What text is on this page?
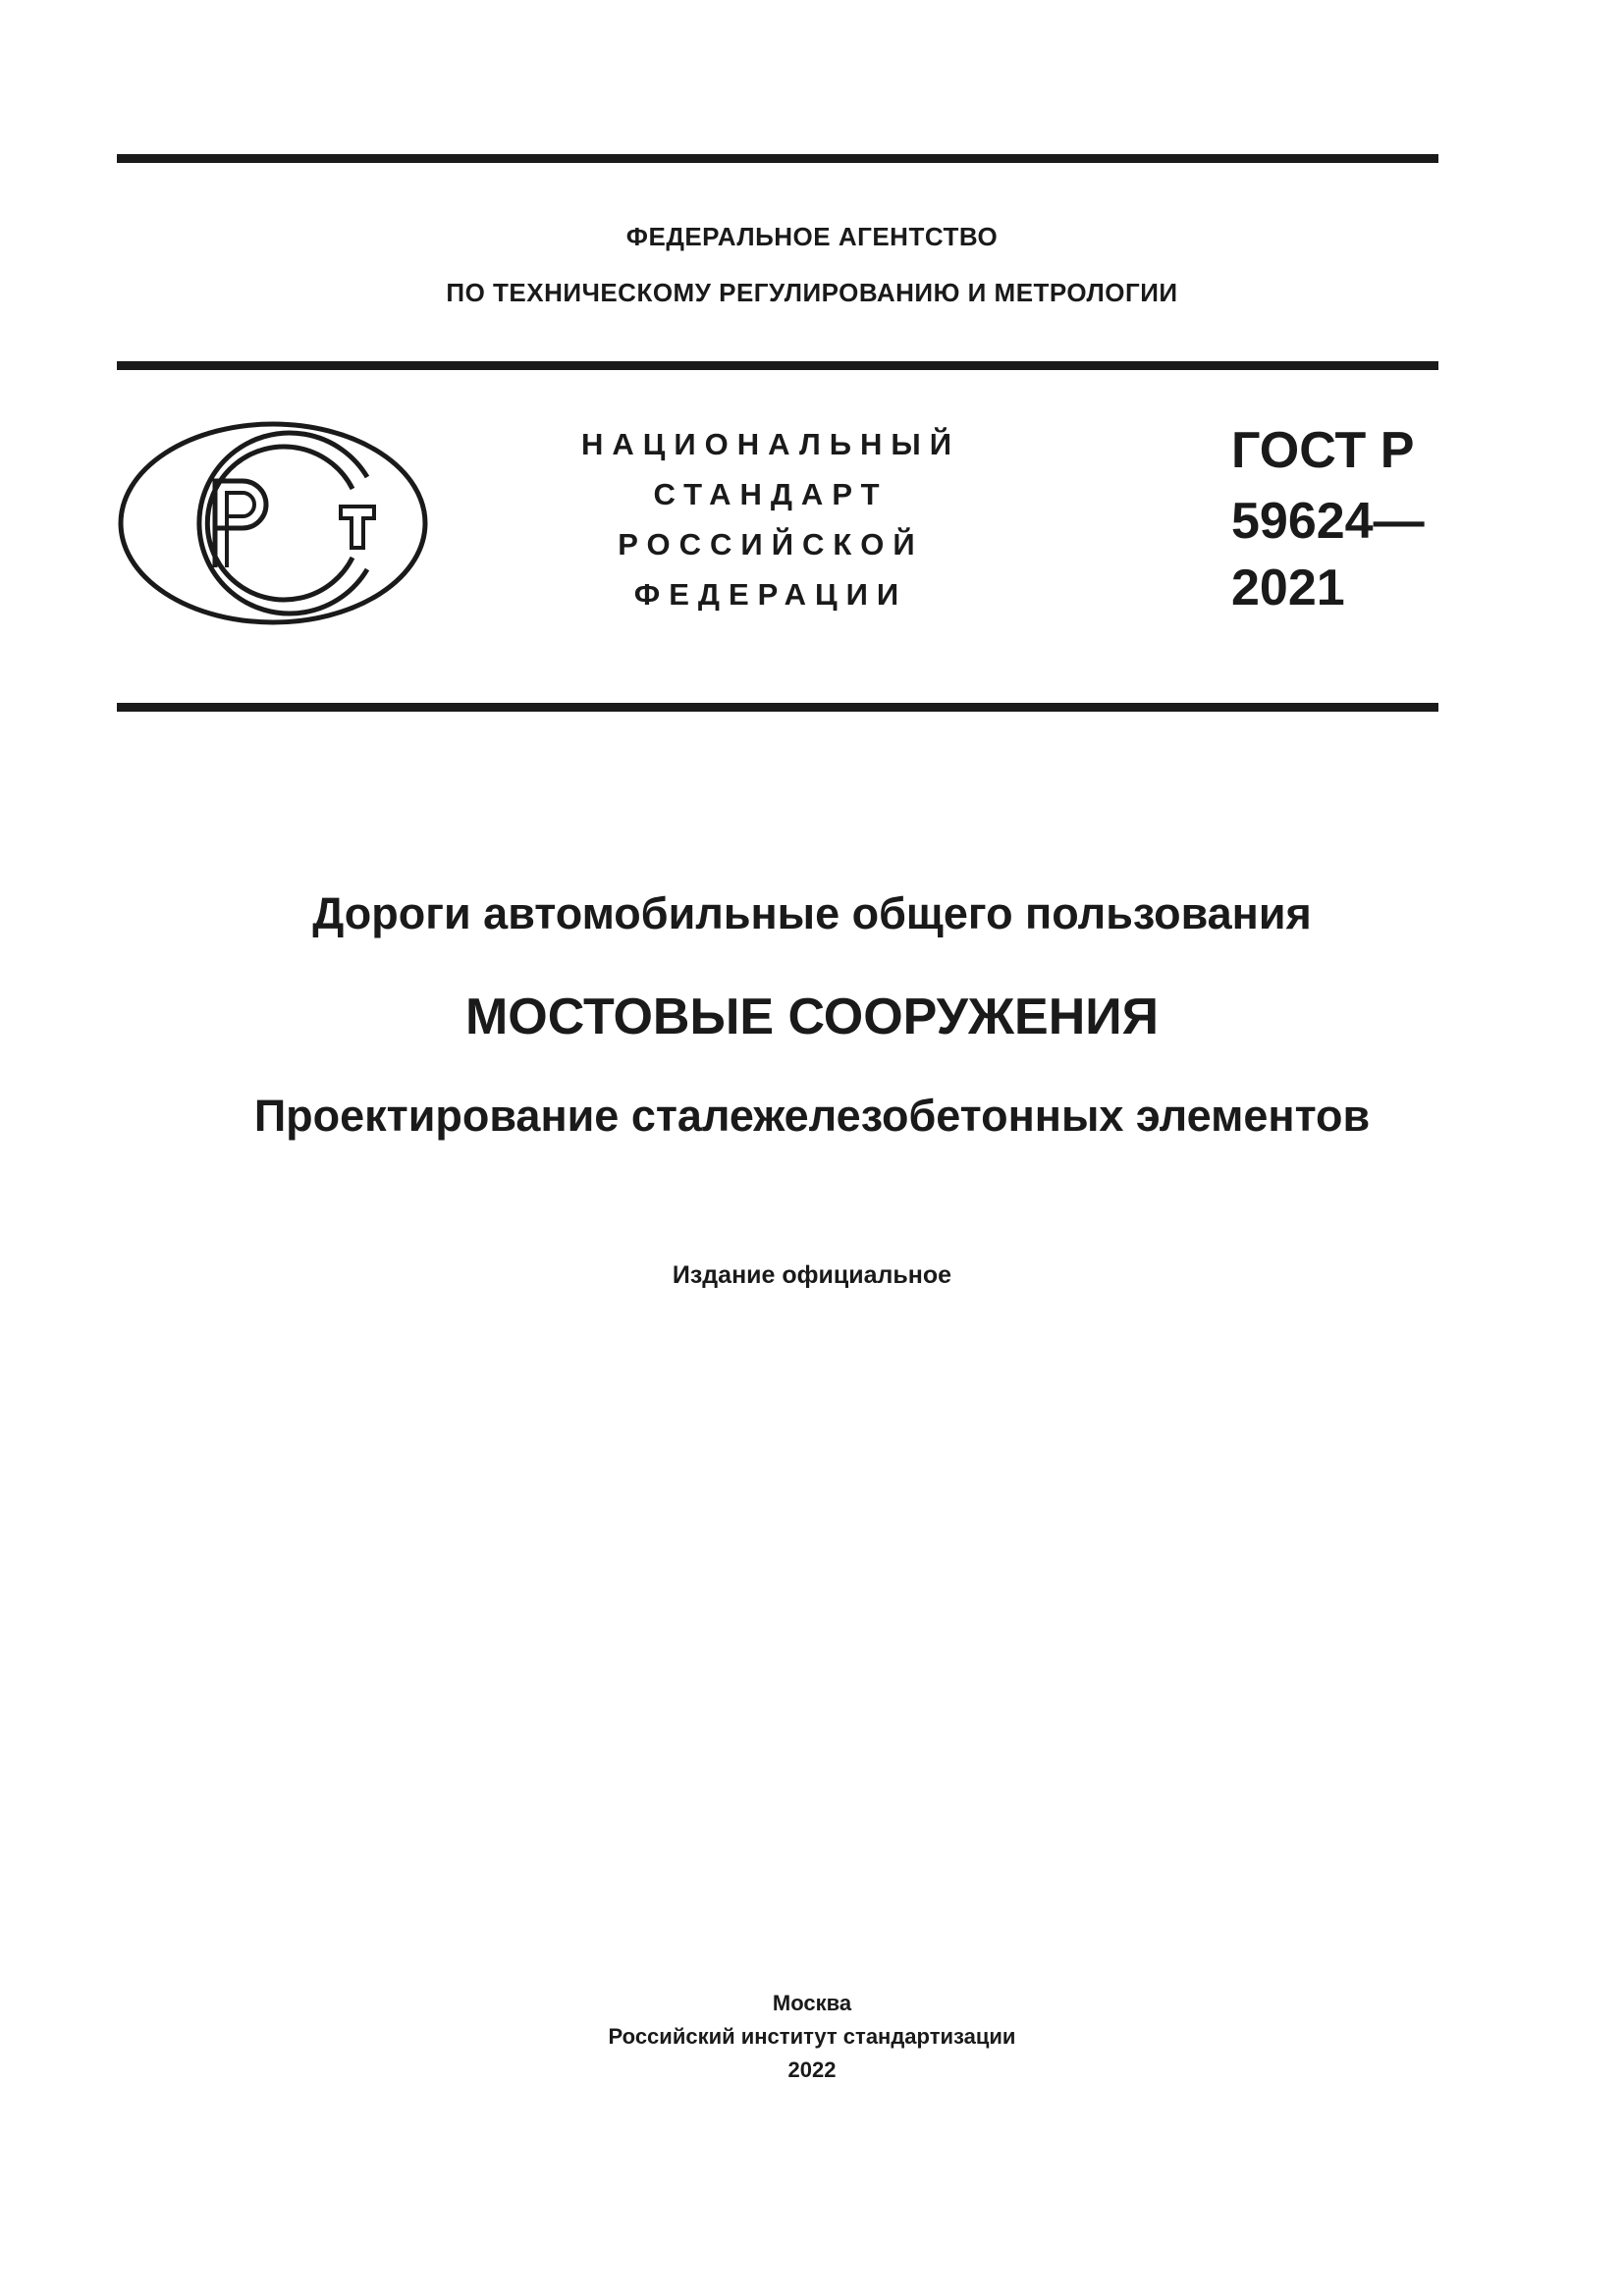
ФЕДЕРАЛЬНОЕ АГЕНТСТВО
ПО ТЕХНИЧЕСКОМУ РЕГУЛИРОВАНИЮ И МЕТРОЛОГИИ
НАЦИОНАЛЬНЫЙ
СТАНДАРТ
РОССИЙСКОЙ
ФЕДЕРАЦИИ
ГОСТ Р
59624—
2021
Дороги автомобильные общего пользования
МОСТОВЫЕ СООРУЖЕНИЯ
Проектирование сталежелезобетонных элементов
Издание официальное
Москва
Российский институт стандартизации
2022
